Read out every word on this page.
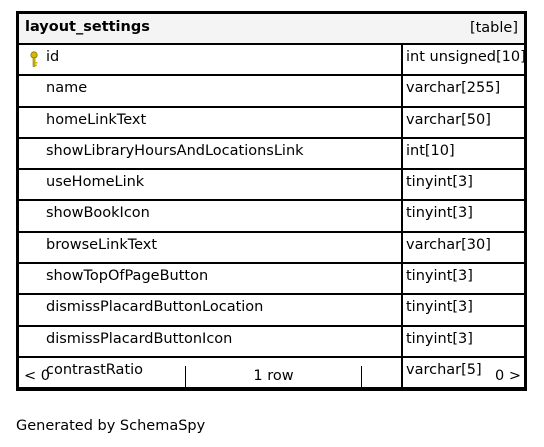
layout_settings	[table]
id	int unsigned[10]
name	varchar[255]
homeLinkText	varchar[50]
showLibraryHoursAndLocationsLink	int[10]
useHomeLink	tinyint[3]
showBookIcon	tinyint[3]
browseLinkText	varchar[30]
showTopOfPageButton	tinyint[3]
dismissPlacardButtonLocation	tinyint[3]
dismissPlacardButtonIcon	tinyint[3]
contrastRatio	varchar[5]
< 0	1 row	0 >
Generated by SchemaSpy
